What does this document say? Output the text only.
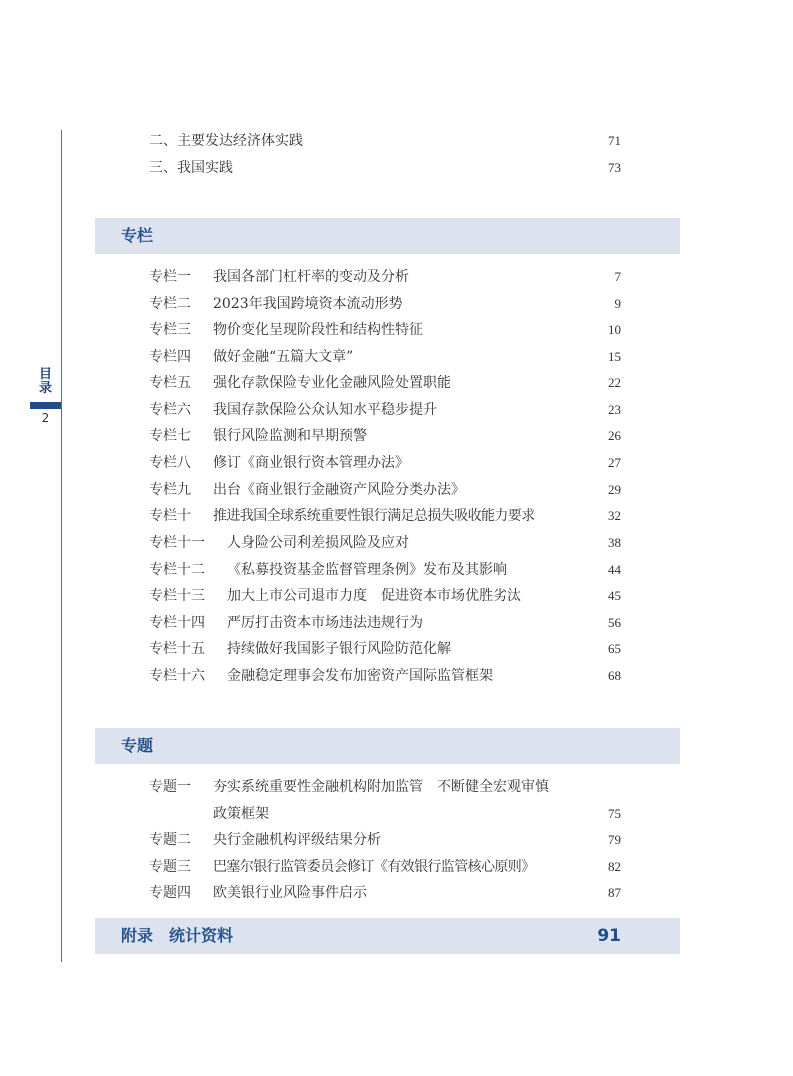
目录
2
二、主要发达经济体实践	71
三、我国实践	73
专栏
专栏一 我国各部门杠杆率的变动及分析	7
专栏二 2023年我国跨境资本流动形势	9
专栏三 物价变化呈现阶段性和结构性特征	10
专栏四 做好金融“五篇大文章”	15
专栏五 强化存款保险专业化金融风险处置职能	22
专栏六 我国存款保险公众认知水平稳步提升	23
专栏七 银行风险监测和早期预警	26
专栏八 修订《商业银行资本管理办法》	27
专栏九 出台《商业银行金融资产风险分类办法》	29
专栏十 推进我国全球系统重要性银行满足总损失吸收能力要求	32
专栏十一 人身险公司利差损风险及应对	38
专栏十二 《私募投资基金监督管理条例》发布及其影响	44
专栏十三 加大上市公司退市力度　促进资本市场优胜劣汰	45
专栏十四 严厉打击资本市场违法违规行为	56
专栏十五 持续做好我国影子银行风险防范化解	65
专栏十六 金融稳定理事会发布加密资产国际监管框架	68
专题
专题一 夯实系统重要性金融机构附加监管　不断健全宏观审慎
政策框架	75
专题二 央行金融机构评级结果分析	79
专题三 巴塞尔银行监管委员会修订《有效银行监管核心原则》	82
专题四 欧美银行业风险事件启示	87
附录　统计资料	91
